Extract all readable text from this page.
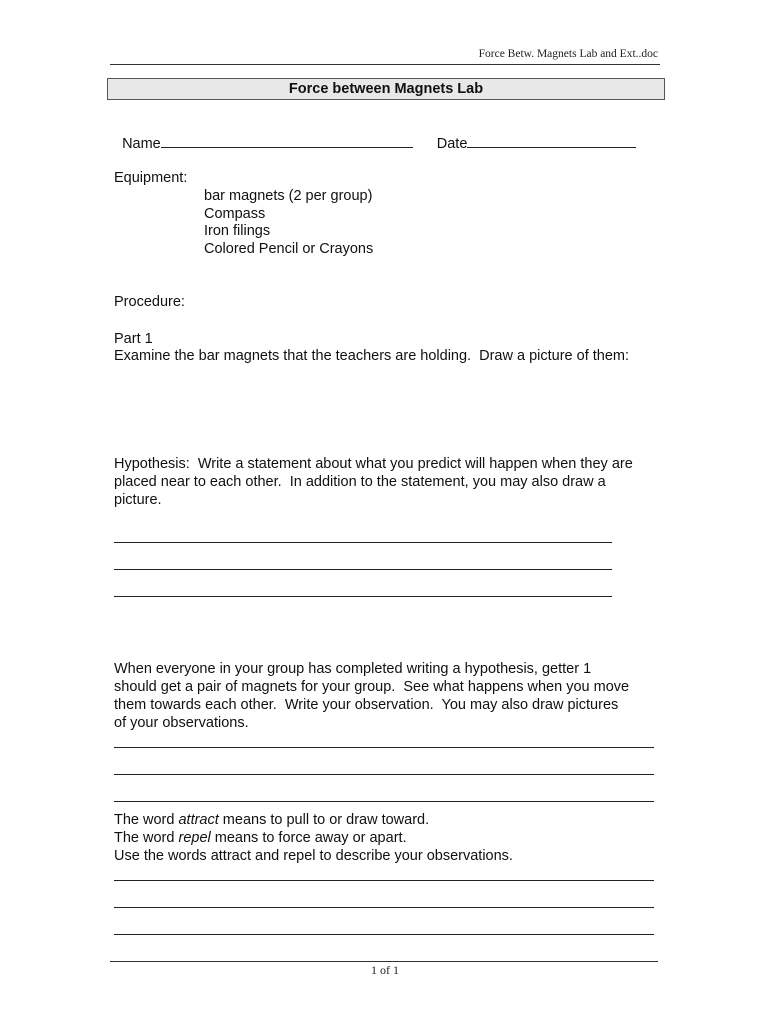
Force Betw. Magnets Lab and Ext..doc
Force between Magnets Lab

Name	Date

Equipment:
bar magnets (2 per group)
Compass
Iron filings
Colored Pencil or Crayons
Procedure:
Part 1
Examine the bar magnets that the teachers are holding.  Draw a picture of them:
Hypothesis:  Write a statement about what you predict will happen when they are
placed near to each other.  In addition to the statement, you may also draw a
picture.
When everyone in your group has completed writing a hypothesis, getter 1
should get a pair of magnets for your group.  See what happens when you move
them towards each other.  Write your observation.  You may also draw pictures
of your observations.
The word attract means to pull to or draw toward.
The word repel means to force away or apart.
Use the words attract and repel to describe your observations.
1 of 1
